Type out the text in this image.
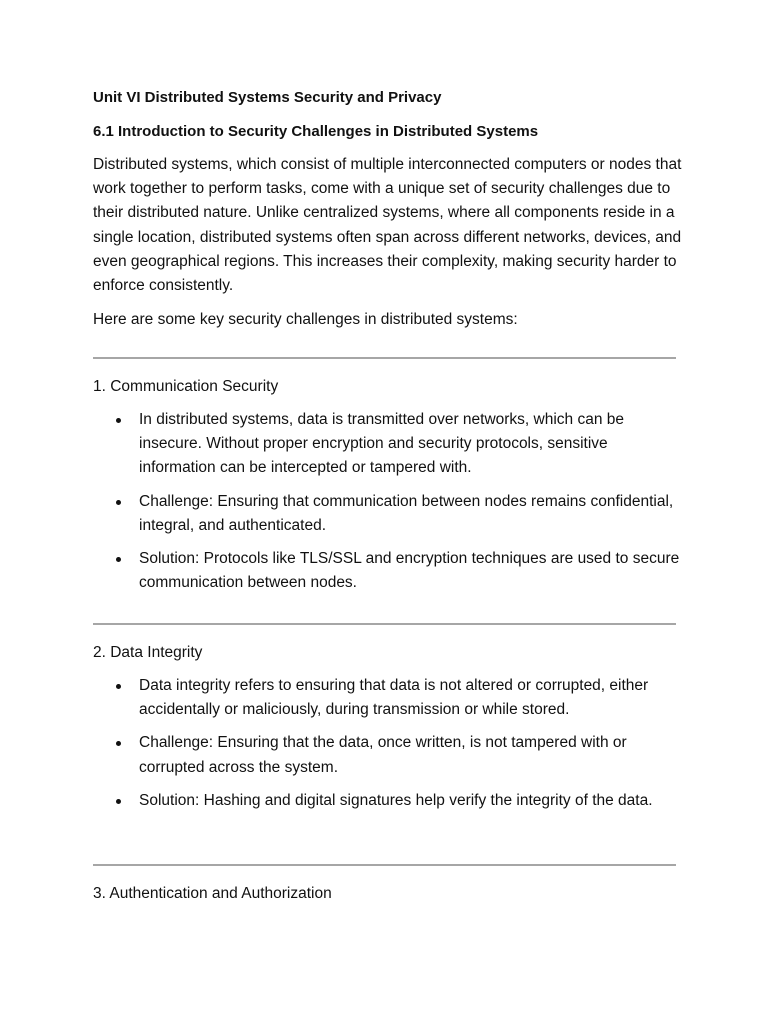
Unit VI Distributed Systems Security and Privacy
6.1 Introduction to Security Challenges in Distributed Systems
Distributed systems, which consist of multiple interconnected computers or nodes that work together to perform tasks, come with a unique set of security challenges due to their distributed nature. Unlike centralized systems, where all components reside in a single location, distributed systems often span across different networks, devices, and even geographical regions. This increases their complexity, making security harder to enforce consistently.
Here are some key security challenges in distributed systems:
1. Communication Security
In distributed systems, data is transmitted over networks, which can be insecure. Without proper encryption and security protocols, sensitive information can be intercepted or tampered with.
Challenge: Ensuring that communication between nodes remains confidential, integral, and authenticated.
Solution: Protocols like TLS/SSL and encryption techniques are used to secure communication between nodes.
2. Data Integrity
Data integrity refers to ensuring that data is not altered or corrupted, either accidentally or maliciously, during transmission or while stored.
Challenge: Ensuring that the data, once written, is not tampered with or corrupted across the system.
Solution: Hashing and digital signatures help verify the integrity of the data.
3. Authentication and Authorization
